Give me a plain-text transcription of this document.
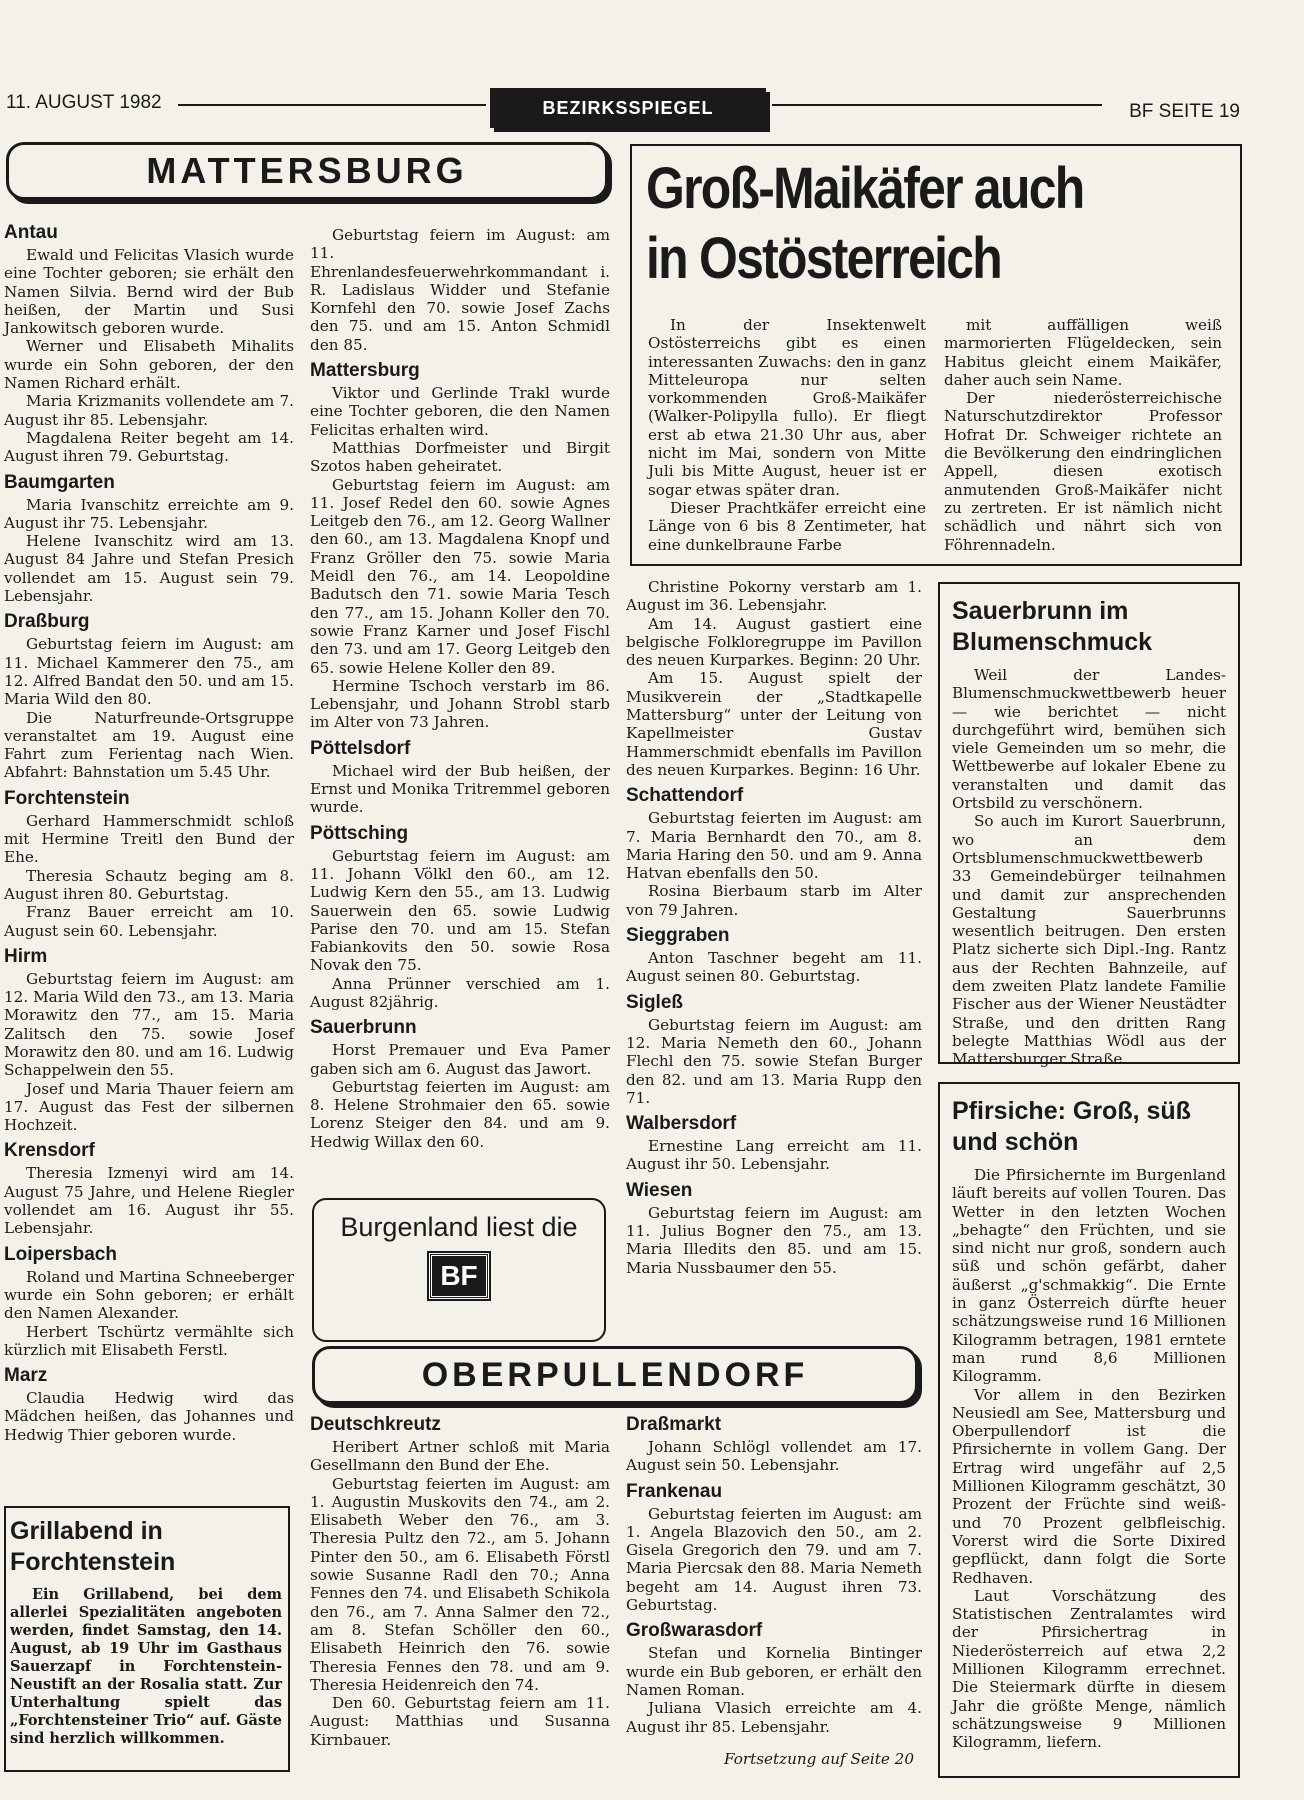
11. AUGUST 1982	BEZIRKSSPIEGEL	BF SEITE 19
MATTERSBURG
Antau

Ewald und Felicitas Vlasich wurde eine Tochter geboren; sie erhält den Namen Silvia. Bernd wird der Bub heißen, der Martin und Susi Jankowitsch geboren wurde.

Werner und Elisabeth Mihalits wurde ein Sohn geboren, der den Namen Richard erhält.

Maria Krizmanits vollendete am 7. August ihr 85. Lebensjahr.

Magdalena Reiter begeht am 14. August ihren 79. Geburtstag.

Baumgarten

Maria Ivanschitz erreichte am 9. August ihr 75. Lebensjahr.

Helene Ivanschitz wird am 13. August 84 Jahre und Stefan Presich vollendet am 15. August sein 79. Lebensjahr.

Draßburg

Geburtstag feiern im August: am 11. Michael Kammerer den 75., am 12. Alfred Bandat den 50. und am 15. Maria Wild den 80.

Die Naturfreunde-Ortsgruppe veranstaltet am 19. August eine Fahrt zum Ferientag nach Wien. Abfahrt: Bahnstation um 5.45 Uhr.

Forchtenstein

Gerhard Hammerschmidt schloß mit Hermine Treitl den Bund der Ehe.

Theresia Schautz beging am 8. August ihren 80. Geburtstag.

Franz Bauer erreicht am 10. August sein 60. Lebensjahr.

Hirm

Geburtstag feiern im August: am 12. Maria Wild den 73., am 13. Maria Morawitz den 77., am 15. Maria Zalitsch den 75. sowie Josef Morawitz den 80. und am 16. Ludwig Schappelwein den 55.

Josef und Maria Thauer feiern am 17. August das Fest der silbernen Hochzeit.

Krensdorf

Theresia Izmenyi wird am 14. August 75 Jahre, und Helene Riegler vollendet am 16. August ihr 55. Lebensjahr.

Loipersbach

Roland und Martina Schneeberger wurde ein Sohn geboren; er erhält den Namen Alexander.

Herbert Tschürtz vermählte sich kürzlich mit Elisabeth Ferstl.

Marz

Claudia Hedwig wird das Mädchen heißen, das Johannes und Hedwig Thier geboren wurde.

Geburtstag feiern im August: am 11. Ehrenlandesfeuerwehrkommandant i. R. Ladislaus Widder und Stefanie Kornfehl den 70. sowie Josef Zachs den 75. und am 15. Anton Schmidl den 85.

Mattersburg

Viktor und Gerlinde Trakl wurde eine Tochter geboren, die den Namen Felicitas erhalten wird.

Matthias Dorfmeister und Birgit Szotos haben geheiratet.

Geburtstag feiern im August: am 11. Josef Redel den 60. sowie Agnes Leitgeb den 76., am 12. Georg Wallner den 60., am 13. Magdalena Knopf und Franz Gröller den 75. sowie Maria Meidl den 76., am 14. Leopoldine Badutsch den 71. sowie Maria Tesch den 77., am 15. Johann Koller den 70. sowie Franz Karner und Josef Fischl den 73. und am 17. Georg Leitgeb den 65. sowie Helene Koller den 89.

Hermine Tschoch verstarb im 86. Lebensjahr, und Johann Strobl starb im Alter von 73 Jahren.

Pöttelsdorf

Michael wird der Bub heißen, der Ernst und Monika Tritremmel geboren wurde.

Pöttsching

Geburtstag feiern im August: am 11. Johann Völkl den 60., am 12. Ludwig Kern den 55., am 13. Ludwig Sauerwein den 65. sowie Ludwig Parise den 70. und am 15. Stefan Fabiankovits den 50. sowie Rosa Novak den 75.

Anna Prünner verschied am 1. August 82jährig.

Sauerbrunn

Horst Premauer und Eva Pamer gaben sich am 6. August das Jawort.

Geburtstag feierten im August: am 8. Helene Strohmaier den 65. sowie Lorenz Steiger den 84. und am 9. Hedwig Willax den 60.

Christine Pokorny verstarb am 1. August im 36. Lebensjahr.

Am 14. August gastiert eine belgische Folkloregruppe im Pavillon des neuen Kurparkes. Beginn: 20 Uhr.

Am 15. August spielt der Musikverein der „Stadtkapelle Mattersburg“ unter der Leitung von Kapellmeister Gustav Hammerschmidt ebenfalls im Pavillon des neuen Kurparkes. Beginn: 16 Uhr.

Schattendorf

Geburtstag feierten im August: am 7. Maria Bernhardt den 70., am 8. Maria Haring den 50. und am 9. Anna Hatvan ebenfalls den 50.

Rosina Bierbaum starb im Alter von 79 Jahren.

Sieggraben

Anton Taschner begeht am 11. August seinen 80. Geburtstag.

Sigleß

Geburtstag feiern im August: am 12. Maria Nemeth den 60., Johann Flechl den 75. sowie Stefan Burger den 82. und am 13. Maria Rupp den 71.

Walbersdorf

Ernestine Lang erreicht am 11. August ihr 50. Lebensjahr.

Wiesen

Geburtstag feiern im August: am 11. Julius Bogner den 75., am 13. Maria Illedits den 85. und am 15. Maria Nussbaumer den 55.

Groß-Maikäfer auch
in Ostösterreich

In der Insektenwelt Ostösterreichs gibt es einen interessanten Zuwachs: den in ganz Mitteleuropa nur selten vorkommenden Groß-Maikäfer (Walker-Polipylla fullo). Er fliegt erst ab etwa 21.30 Uhr aus, aber nicht im Mai, sondern von Mitte Juli bis Mitte August, heuer ist er sogar etwas später dran.

Dieser Prachtkäfer erreicht eine Länge von 6 bis 8 Zentimeter, hat eine dunkelbraune Farbe

mit auffälligen weiß marmorierten Flügeldecken, sein Habitus gleicht einem Maikäfer, daher auch sein Name.

Der niederösterreichische Naturschutzdirektor Professor Hofrat Dr. Schweiger richtete an die Bevölkerung den eindringlichen Appell, diesen exotisch anmutenden Groß-Maikäfer nicht zu zertreten. Er ist nämlich nicht schädlich und nährt sich von Föhrennadeln.

Sauerbrunn im Blumenschmuck

Weil der Landes-Blumenschmuckwettbewerb heuer — wie berichtet — nicht durchgeführt wird, bemühen sich viele Gemeinden um so mehr, die Wettbewerbe auf lokaler Ebene zu veranstalten und damit das Ortsbild zu verschönern.

So auch im Kurort Sauerbrunn, wo an dem Ortsblumenschmuckwettbewerb 33 Gemeindebürger teilnahmen und damit zur ansprechenden Gestaltung Sauerbrunns wesentlich beitrugen. Den ersten Platz sicherte sich Dipl.-Ing. Rantz aus der Rechten Bahnzeile, auf dem zweiten Platz landete Familie Fischer aus der Wiener Neustädter Straße, und den dritten Rang belegte Matthias Wödl aus der Mattersburger Straße.

Burgenland liest die
BF
Pfirsiche: Groß, süß und schön

Die Pfirsichernte im Burgenland läuft bereits auf vollen Touren. Das Wetter in den letzten Wochen „behagte“ den Früchten, und sie sind nicht nur groß, sondern auch süß und schön gefärbt, daher äußerst „g'schmakkig“. Die Ernte in ganz Österreich dürfte heuer schätzungsweise rund 16 Millionen Kilogramm betragen, 1981 erntete man rund 8,6 Millionen Kilogramm.

Vor allem in den Bezirken Neusiedl am See, Mattersburg und Oberpullendorf ist die Pfirsichernte in vollem Gang. Der Ertrag wird ungefähr auf 2,5 Millionen Kilogramm geschätzt, 30 Prozent der Früchte sind weiß- und 70 Prozent gelbfleischig. Vorerst wird die Sorte Dixired gepflückt, dann folgt die Sorte Redhaven.

Laut Vorschätzung des Statistischen Zentralamtes wird der Pfirsichertrag in Niederösterreich auf etwa 2,2 Millionen Kilogramm errechnet. Die Steiermark dürfte in diesem Jahr die größte Menge, nämlich schätzungsweise 9 Millionen Kilogramm, liefern.

Grillabend in Forchtenstein

Ein Grillabend, bei dem allerlei Spezialitäten angeboten werden, findet Samstag, den 14. August, ab 19 Uhr im Gasthaus Sauerzapf in Forchtenstein-Neustift an der Rosalia statt. Zur Unterhaltung spielt das „Forchtensteiner Trio“ auf. Gäste sind herzlich willkommen.

OBERPULLENDORF
Deutschkreutz

Heribert Artner schloß mit Maria Gesellmann den Bund der Ehe.

Geburtstag feierten im August: am 1. Augustin Muskovits den 74., am 2. Elisabeth Weber den 76., am 3. Theresia Pultz den 72., am 5. Johann Pinter den 50., am 6. Elisabeth Förstl sowie Susanne Radl den 70.; Anna Fennes den 74. und Elisabeth Schikola den 76., am 7. Anna Salmer den 72., am 8. Stefan Schöller den 60., Elisabeth Heinrich den 76. sowie Theresia Fennes den 78. und am 9. Theresia Heidenreich den 74.

Den 60. Geburtstag feiern am 11. August: Matthias und Susanna Kirnbauer.

Draßmarkt

Johann Schlögl vollendet am 17. August sein 50. Lebensjahr.

Frankenau

Geburtstag feierten im August: am 1. Angela Blazovich den 50., am 2. Gisela Gregorich den 79. und am 7. Maria Piercsak den 88. Maria Nemeth begeht am 14. August ihren 73. Geburtstag.

Großwarasdorf

Stefan und Kornelia Bintinger wurde ein Bub geboren, er erhält den Namen Roman.

Juliana Vlasich erreichte am 4. August ihr 85. Lebensjahr.

Fortsetzung auf Seite 20
